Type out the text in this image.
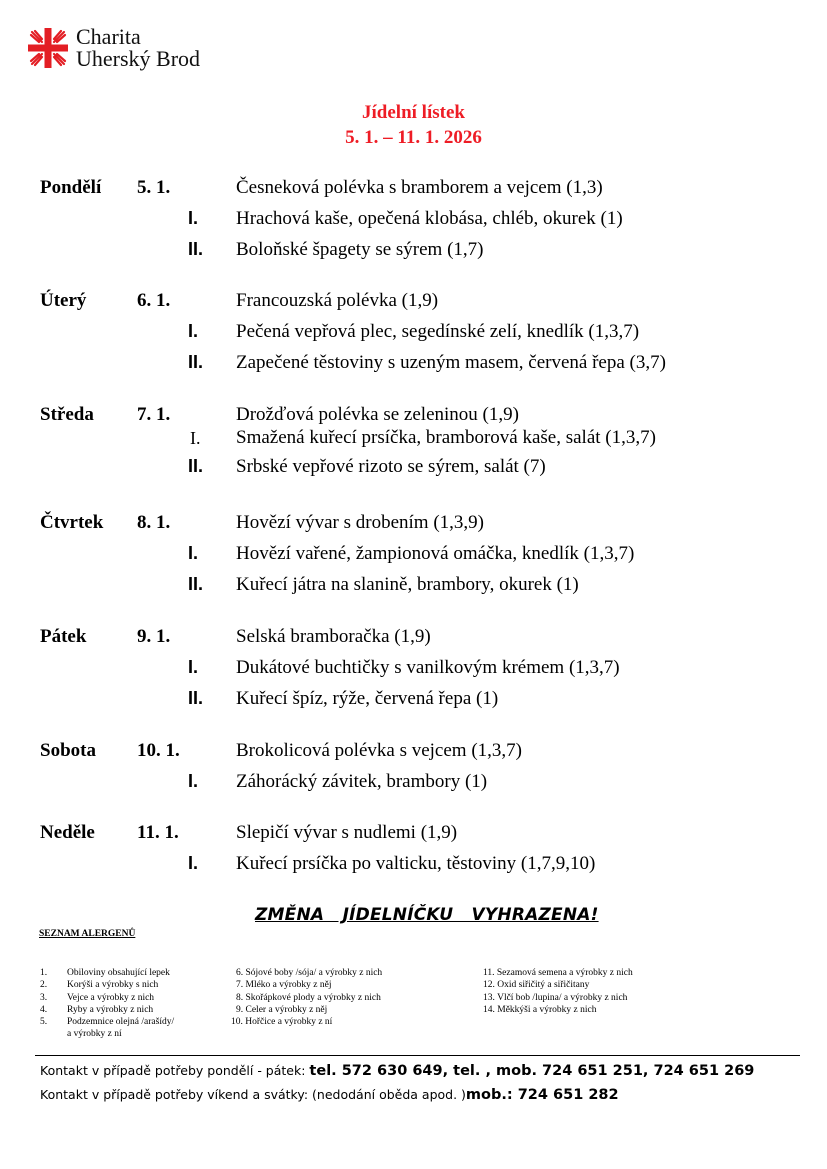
Charita
Uherský Brod
Jídelní lístek
5. 1. – 11. 1. 2026
Pondělí 5. 1.	Česneková polévka s bramborem a vejcem (1,3)
I.	Hrachová kaše, opečená klobása, chléb, okurek (1)
II.	Boloňské špagety se sýrem (1,7)
Úterý	6. 1.	Francouzská polévka (1,9)
I.	Pečená vepřová plec, segedínské zelí, knedlík (1,3,7)
II.	Zapečené těstoviny s uzeným masem, červená řepa (3,7)
Středa 7. 1.	Drožďová polévka se zeleninou (1,9)
I.	Smažená kuřecí prsíčka, bramborová kaše, salát (1,3,7)
II.	Srbské vepřové rizoto se sýrem, salát (7)
Čtvrtek 8. 1.	Hovězí vývar s drobením (1,3,9)
I.	Hovězí vařené, žampionová omáčka, knedlík (1,3,7)
II.	Kuřecí játra na slanině, brambory, okurek (1)
Pátek	9. 1.	Selská bramboračka (1,9)
I.	Dukátové buchtičky s vanilkovým krémem (1,3,7)
II.	Kuřecí špíz, rýže, červená řepa (1)
Sobota 10. 1.	Brokolicová polévka s vejcem (1,3,7)
I.	Záhorácký závitek, brambory (1)
Neděle 11. 1.	Slepičí vývar s nudlemi (1,9)
I.	Kuřecí prsíčka po valticku, těstoviny (1,7,9,10)
ZMĚNA   JÍDELNÍČKU   VYHRAZENA!
SEZNAM ALERGENŮ
1. Obiloviny obsahující lepek
2. Korýši a výrobky s nich
3. Vejce a výrobky z nich
4. Ryby a výrobky z nich
5. Podzemnice olejná /arašídy/
a výrobky z ní
6. Sójové boby /sója/ a výrobky z nich
7. Mléko a výrobky z něj
8. Skořápkové plody a výrobky z nich
9. Celer a výrobky z něj
10. Hořčice a výrobky z ní
11. Sezamová semena a výrobky z nich
12. Oxid siřičitý a siřičitany
13. Vlčí bob /lupina/ a výrobky z nich
14. Měkkýši a výrobky z nich
Kontakt v případě potřeby pondělí - pátek: tel. 572 630 649, tel. , mob. 724 651 251, 724 651 269
Kontakt v případě potřeby víkend a svátky: (nedodání oběda apod. )mob.: 724 651 282
